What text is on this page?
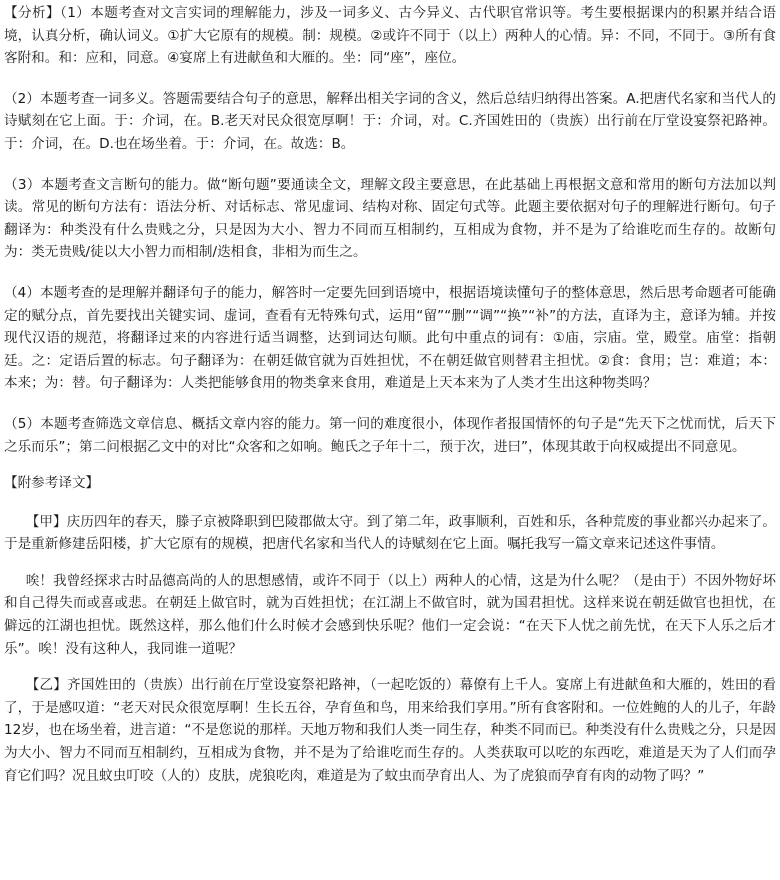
【分析】（1）本题考查对文言实词的理解能力，涉及一词多义、古今异义、古代职官常识等。考生要根据课内的积累并结合语境，认真分析，确认词义。①扩大它原有的规模。制：规模。②或许不同于（以上）两种人的心情。异：不同，不同于。③所有食客附和。和：应和，同意。④宴席上有进献鱼和大雁的。坐：同“座”，座位。

（2）本题考查一词多义。答题需要结合句子的意思，解释出相关字词的含义，然后总结归纳得出答案。A.把唐代名家和当代人的诗赋刻在它上面。于：介词，在。B.老天对民众很宽厚啊！于：介词，对。C.齐国姓田的（贵族）出行前在厅堂设宴祭祀路神。于：介词，在。D.也在场坐着。于：介词，在。故选：B。

（3）本题考查文言断句的能力。做“断句题”要通读全文，理解文段主要意思，在此基础上再根据文意和常用的断句方法加以判读。常见的断句方法有：语法分析、对话标志、常见虚词、结构对称、固定句式等。此题主要依据对句子的理解进行断句。句子翻译为：种类没有什么贵贱之分，只是因为大小、智力不同而互相制约，互相成为食物，并不是为了给谁吃而生存的。故断句为：类无贵贱/徒以大小智力而相制/迭相食，非相为而生之。

（4）本题考查的是理解并翻译句子的能力，解答时一定要先回到语境中，根据语境读懂句子的整体意思，然后思考命题者可能确定的赋分点，首先要找出关键实词、虚词，查看有无特殊句式，运用“留”“删”“调”“换”“补”的方法，直译为主，意译为辅。并按现代汉语的规范，将翻译过来的内容进行适当调整，达到词达句顺。此句中重点的词有：①庙，宗庙。堂，殿堂。庙堂：指朝廷。之：定语后置的标志。句子翻译为：在朝廷做官就为百姓担忧，不在朝廷做官则替君主担忧。②食：食用；岂：难道；本：本来；为：替。句子翻译为：人类把能够食用的物类拿来食用，难道是上天本来为了人类才生出这种物类吗？

（5）本题考查筛选文章信息、概括文章内容的能力。第一问的难度很小，体现作者报国情怀的句子是“先天下之忧而忧，后天下之乐而乐”；第二问根据乙文中的对比“众客和之如响。鲍氏之子年十二，预于次，进曰”，体现其敢于向权威提出不同意见。

【附参考译文】

【甲】庆历四年的春天，滕子京被降职到巴陵郡做太守。到了第二年，政事顺利，百姓和乐，各种荒废的事业都兴办起来了。于是重新修建岳阳楼，扩大它原有的规模，把唐代名家和当代人的诗赋刻在它上面。嘱托我写一篇文章来记述这件事情。

唉！我曾经探求古时品德高尚的人的思想感情，或许不同于（以上）两种人的心情，这是为什么呢？（是由于）不因外物好坏和自己得失而或喜或悲。在朝廷上做官时，就为百姓担忧；在江湖上不做官时，就为国君担忧。这样来说在朝廷做官也担忧，在僻远的江湖也担忧。既然这样，那么他们什么时候才会感到快乐呢？他们一定会说：“在天下人忧之前先忧，在天下人乐之后才乐”。唉！没有这种人，我同谁一道呢？

【乙】齐国姓田的（贵族）出行前在厅堂设宴祭祀路神，（一起吃饭的）幕僚有上千人。宴席上有进献鱼和大雁的，姓田的看了，于是感叹道：“老天对民众很宽厚啊！生长五谷，孕育鱼和鸟，用来给我们享用。”所有食客附和。一位姓鲍的人的儿子，年龄12岁，也在场坐着，进言道：“不是您说的那样。天地万物和我们人类一同生存，种类不同而已。种类没有什么贵贱之分，只是因为大小、智力不同而互相制约，互相成为食物，并不是为了给谁吃而生存的。人类获取可以吃的东西吃，难道是天为了人们而孕育它们吗？况且蚊虫叮咬（人的）皮肤，虎狼吃肉，难道是为了蚊虫而孕育出人、为了虎狼而孕育有肉的动物了吗？”
